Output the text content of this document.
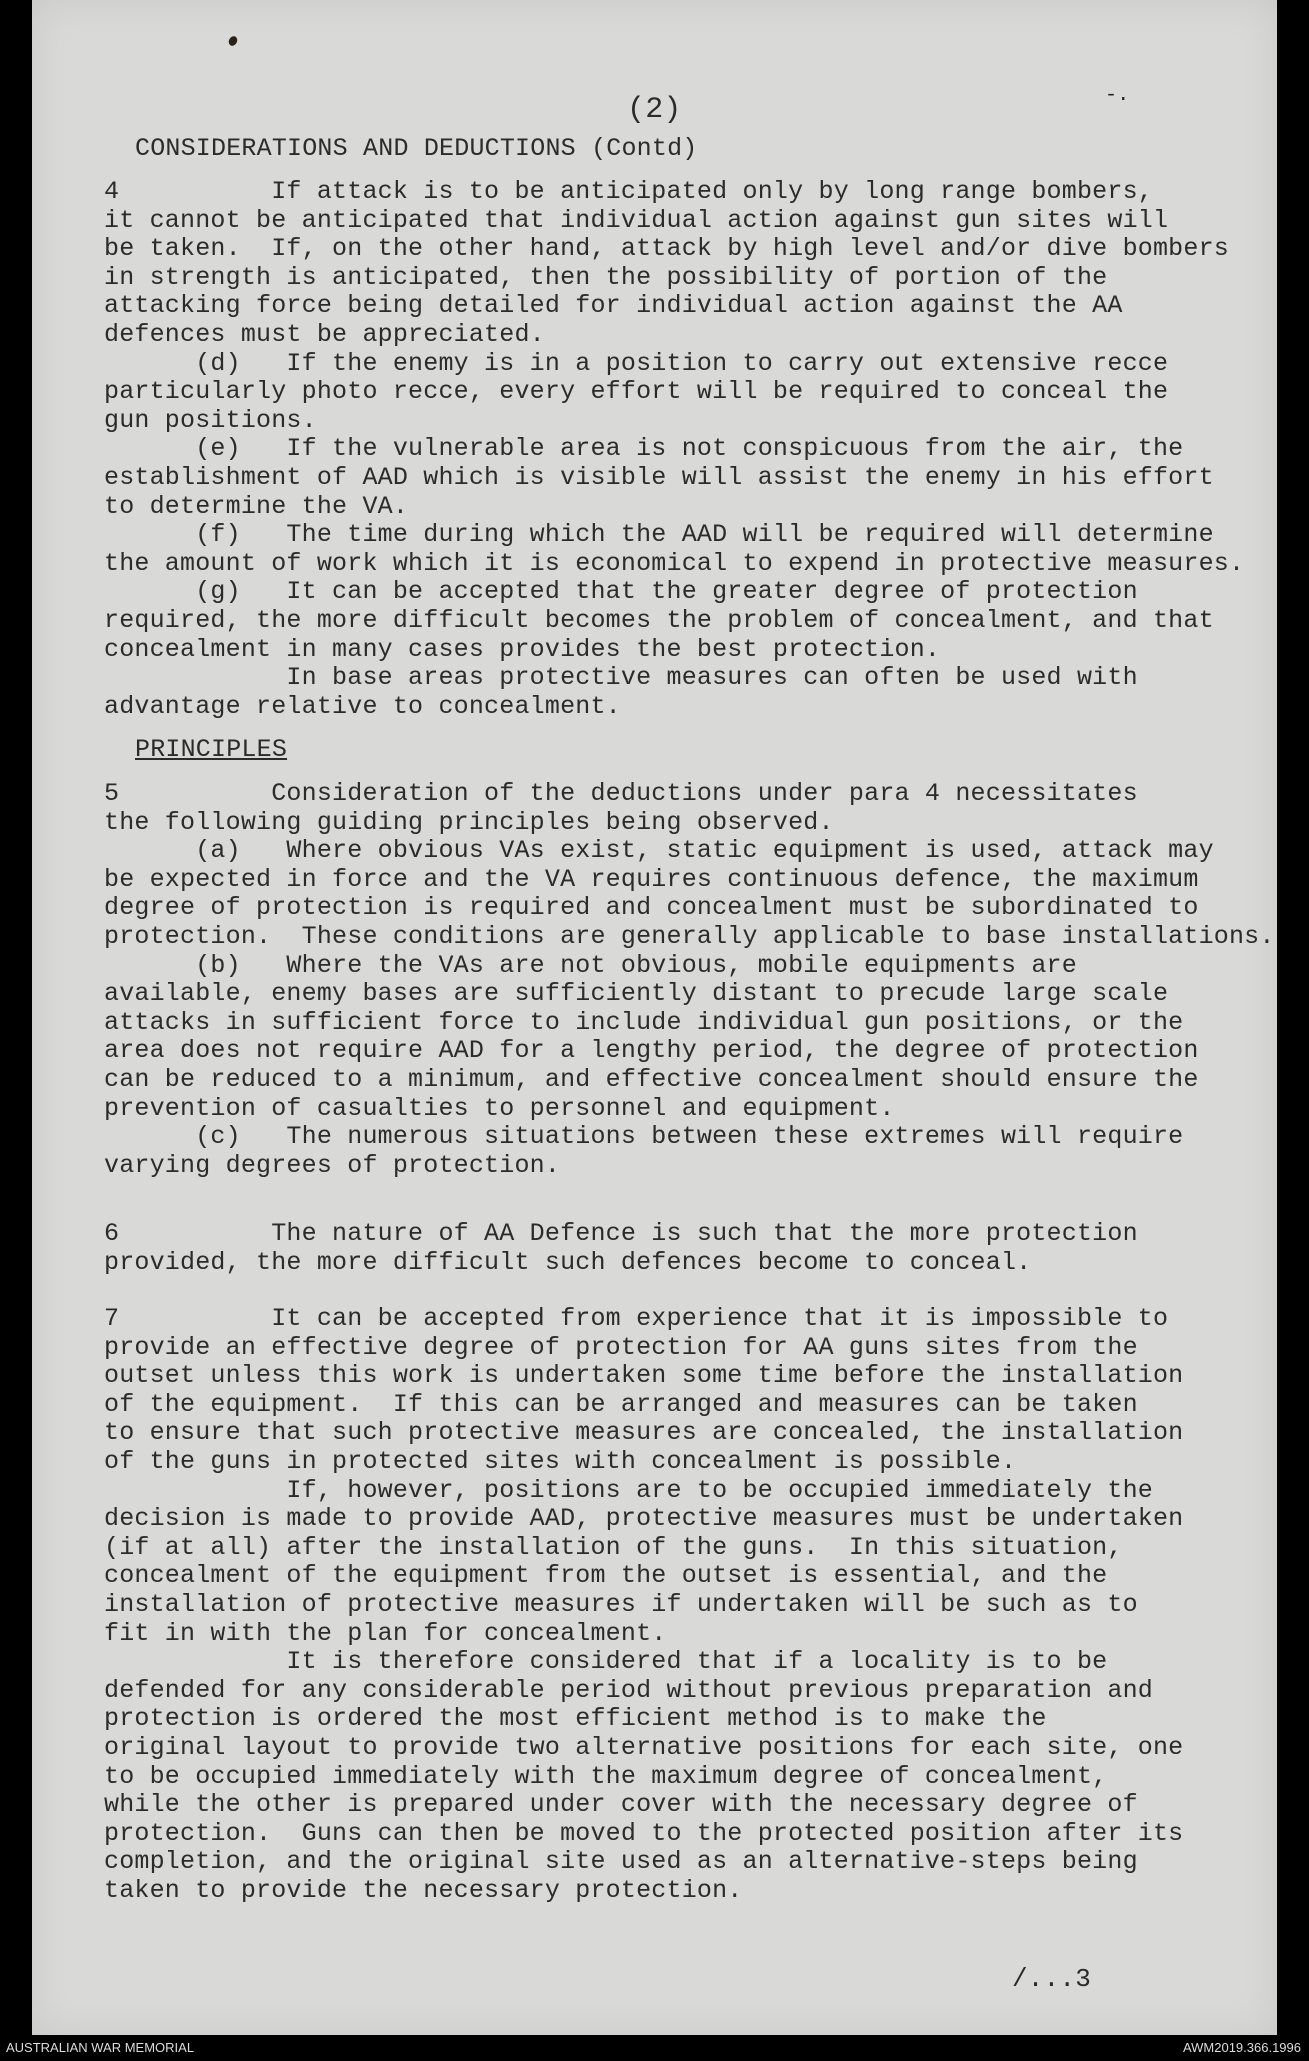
(2)	-.
CONSIDERATIONS AND DEDUCTIONS (Contd)
4          If attack is to be anticipated only by long range bombers,
it cannot be anticipated that individual action against gun sites will
be taken.  If, on the other hand, attack by high level and/or dive bombers
in strength is anticipated, then the possibility of portion of the
attacking force being detailed for individual action against the AA
defences must be appreciated.
(d)   If the enemy is in a position to carry out extensive recce
particularly photo recce, every effort will be required to conceal the
gun positions.
(e)   If the vulnerable area is not conspicuous from the air, the
establishment of AAD which is visible will assist the enemy in his effort
to determine the VA.
(f)   The time during which the AAD will be required will determine
the amount of work which it is economical to expend in protective measures.
(g)   It can be accepted that the greater degree of protection
required, the more difficult becomes the problem of concealment, and that
concealment in many cases provides the best protection.
In base areas protective measures can often be used with
advantage relative to concealment.
PRINCIPLES
5          Consideration of the deductions under para 4 necessitates
the following guiding principles being observed.
(a)   Where obvious VAs exist, static equipment is used, attack may
be expected in force and the VA requires continuous defence, the maximum
degree of protection is required and concealment must be subordinated to
protection.  These conditions are generally applicable to base installations.
(b)   Where the VAs are not obvious, mobile equipments are
available, enemy bases are sufficiently distant to precude large scale
attacks in sufficient force to include individual gun positions, or the
area does not require AAD for a lengthy period, the degree of protection
can be reduced to a minimum, and effective concealment should ensure the
prevention of casualties to personnel and equipment.
(c)   The numerous situations between these extremes will require
varying degrees of protection.
6          The nature of AA Defence is such that the more protection
provided, the more difficult such defences become to conceal.
7          It can be accepted from experience that it is impossible to
provide an effective degree of protection for AA guns sites from the
outset unless this work is undertaken some time before the installation
of the equipment.  If this can be arranged and measures can be taken
to ensure that such protective measures are concealed, the installation
of the guns in protected sites with concealment is possible.
If, however, positions are to be occupied immediately the
decision is made to provide AAD, protective measures must be undertaken
(if at all) after the installation of the guns.  In this situation,
concealment of the equipment from the outset is essential, and the
installation of protective measures if undertaken will be such as to
fit in with the plan for concealment.
It is therefore considered that if a locality is to be
defended for any considerable period without previous preparation and
protection is ordered the most efficient method is to make the
original layout to provide two alternative positions for each site, one
to be occupied immediately with the maximum degree of concealment,
while the other is prepared under cover with the necessary degree of
protection.  Guns can then be moved to the protected position after its
completion, and the original site used as an alternative-steps being
taken to provide the necessary protection.
/...3
AUSTRALIAN WAR MEMORIAL	AWM2019.366.1996
